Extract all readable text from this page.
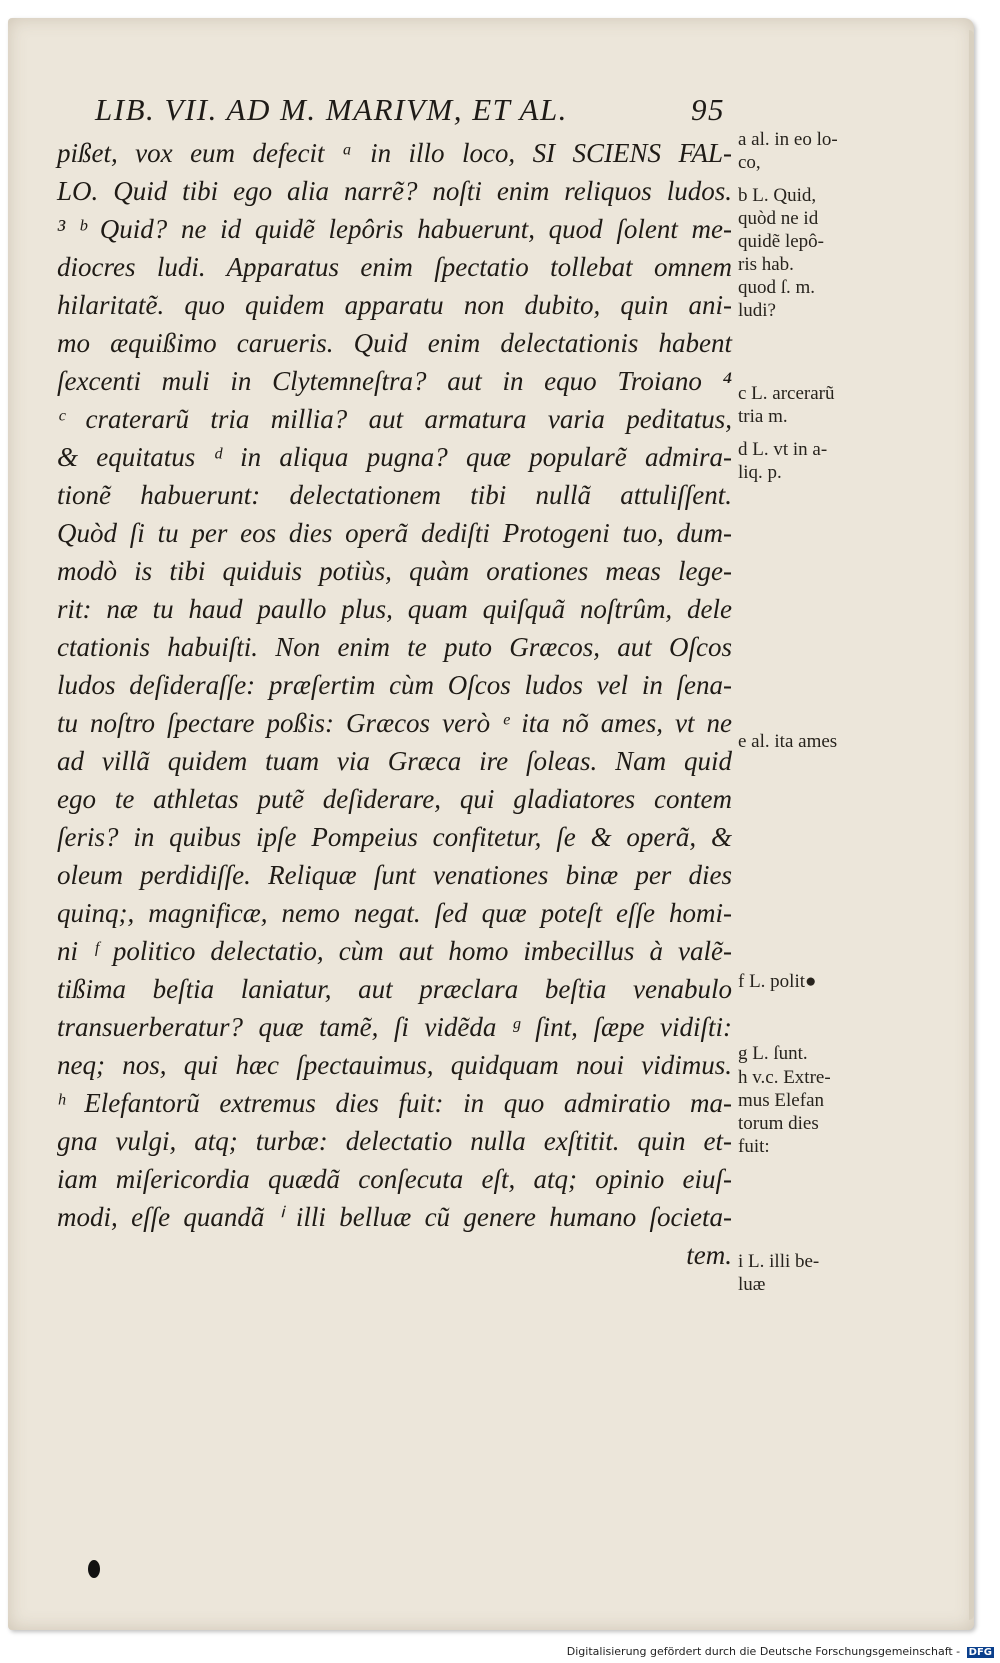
LIB. VII. AD M. MARIVM, ET AL.	95
pißet, vox eum defecit ᵃ in illo loco, SI SCIENS FAL-
LO. Quid tibi ego alia narrẽ? noſti enim reliquos ludos.
³ ᵇ Quid? ne id quidẽ lepôris habuerunt, quod ſolent me-
diocres ludi. Apparatus enim ſpectatio tollebat omnem
hilaritatẽ. quo quidem apparatu non dubito, quin ani-
mo æquißimo carueris. Quid enim delectationis habent
ſexcenti muli in Clytemneſtra? aut in equo Troiano ⁴
ᶜ craterarũ tria millia? aut armatura varia peditatus,
& equitatus ᵈ in aliqua pugna? quæ popularẽ admira-
tionẽ habuerunt: delectationem tibi nullã attuliſſent.
Quòd ſi tu per eos dies operã dediſti Protogeni tuo, dum-
modò is tibi quiduis potiùs, quàm orationes meas lege-
rit: næ tu haud paullo plus, quam quiſquã noſtrûm, dele
ctationis habuiſti. Non enim te puto Græcos, aut Oſcos
ludos deſideraſſe: præſertim cùm Oſcos ludos vel in ſena-
tu noſtro ſpectare poßis: Græcos verò ᵉ ita nõ ames, vt ne
ad villã quidem tuam via Græca ire ſoleas. Nam quid
ego te athletas putẽ deſiderare, qui gladiatores contem
ſeris? in quibus ipſe Pompeius confitetur, ſe & operã, &
oleum perdidiſſe. Reliquæ ſunt venationes binæ per dies
quinq;, magnificæ, nemo negat. ſed quæ poteſt eſſe homi-
ni ᶠ politico delectatio, cùm aut homo imbecillus à valẽ-
tißima beſtia laniatur, aut præclara beſtia venabulo
transuerberatur? quæ tamẽ, ſi vidẽda ᵍ ſint, ſæpe vidiſti:
neq; nos, qui hæc ſpectauimus, quidquam noui vidimus.
ʰ Elefantorũ extremus dies fuit: in quo admiratio ma-
gna vulgi, atq; turbæ: delectatio nulla exſtitit. quin et-
iam miſericordia quædã conſecuta eſt, atq; opinio eiuſ-
modi, eſſe quandã ⁱ illi belluæ cũ genere humano ſocieta-
tem.
a al. in eo lo-
co,
b L. Quid,
quòd ne id
quidẽ lepô-
ris hab.
quod ſ. m.
ludi?
c L. arcerarũ
tria m.
d L. vt in a-
liq. p.
e al. ita ames
f L. polit●
g L. ſunt.
h v.c. Extre-
mus Elefan
torum dies
fuit:
i L. illi be-
luæ
Digitalisierung gefördert durch die Deutsche Forschungsgemeinschaft - DFG
